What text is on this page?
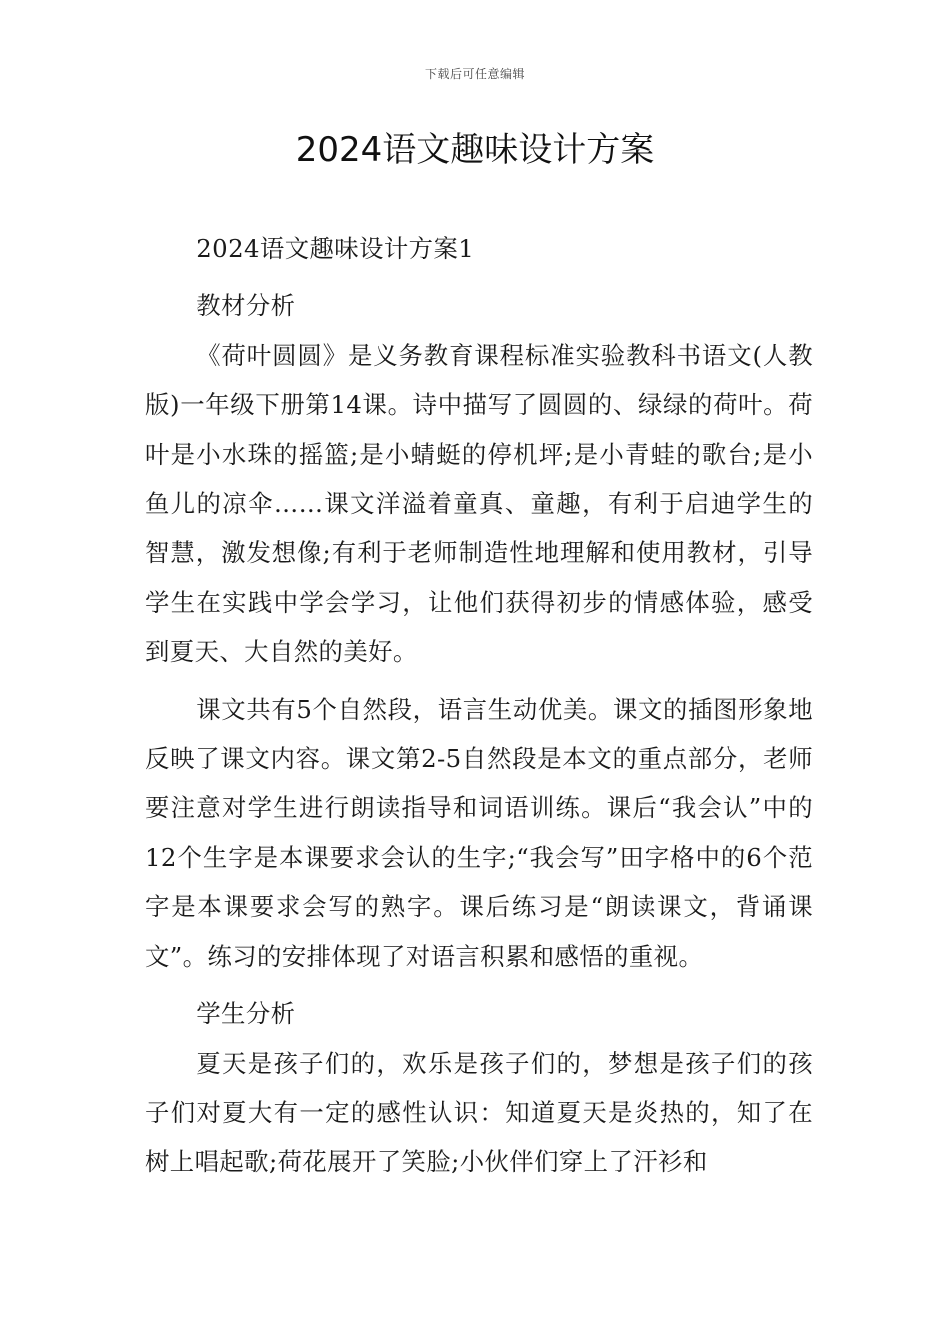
下载后可任意编辑
2024语文趣味设计方案

2024语文趣味设计方案1

教材分析

《荷叶圆圆》是义务教育课程标准实验教科书语文(人教版)一年级下册第14课。诗中描写了圆圆的、绿绿的荷叶。荷叶是小水珠的摇篮;是小蜻蜓的停机坪;是小青蛙的歌台;是小鱼儿的凉伞……课文洋溢着童真、童趣，有利于启迪学生的智慧，激发想像;有利于老师制造性地理解和使用教材，引导学生在实践中学会学习，让他们获得初步的情感体验，感受到夏天、大自然的美好。

课文共有5个自然段，语言生动优美。课文的插图形象地反映了课文内容。课文第2-5自然段是本文的重点部分，老师要注意对学生进行朗读指导和词语训练。课后“我会认”中的12个生字是本课要求会认的生字;“我会写”田字格中的6个范字是本课要求会写的熟字。课后练习是“朗读课文，背诵课文”。练习的安排体现了对语言积累和感悟的重视。

学生分析

夏天是孩子们的，欢乐是孩子们的，梦想是孩子们的孩子们对夏大有一定的感性认识：知道夏天是炎热的，知了在树上唱起歌;荷花展开了笑脸;小伙伴们穿上了汗衫和
